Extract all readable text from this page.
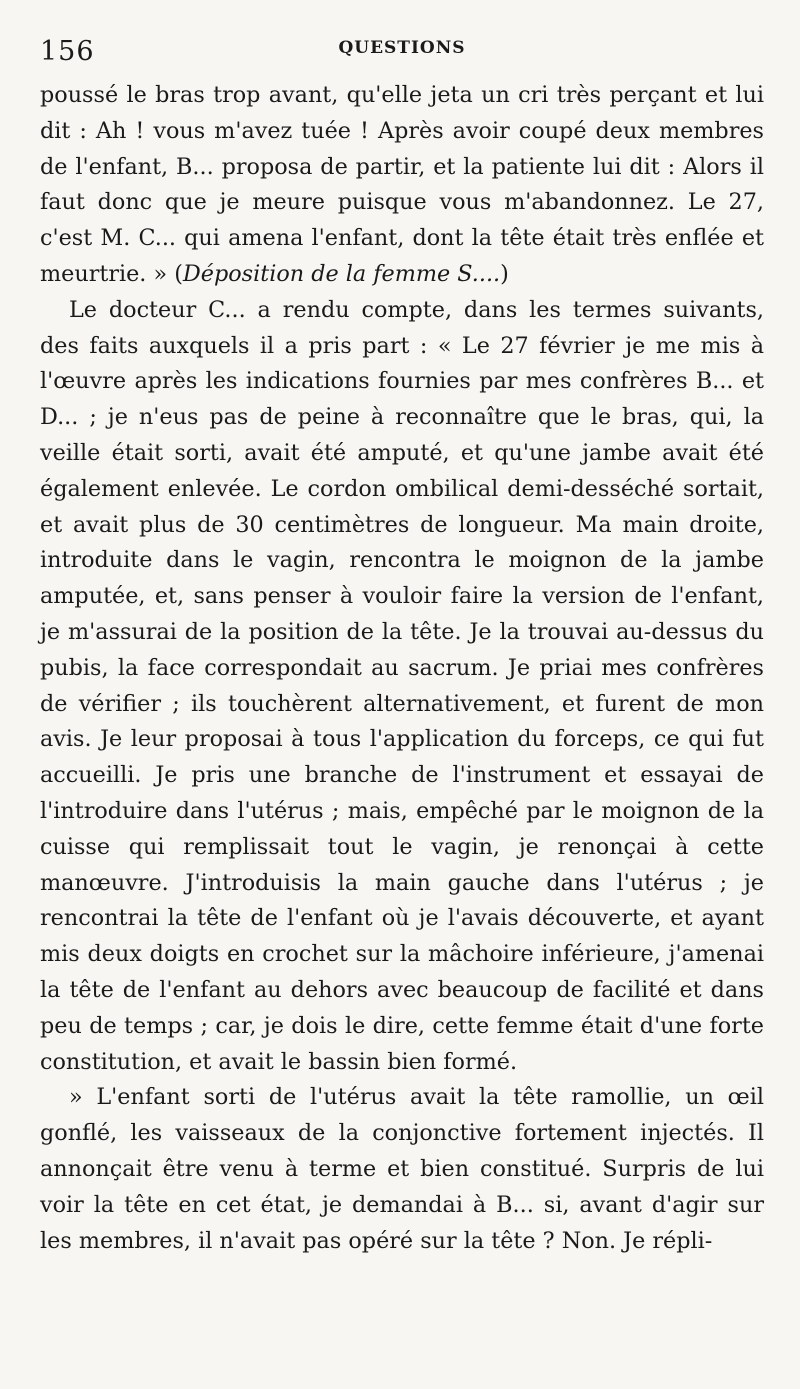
156	QUESTIONS

poussé le bras trop avant, qu'elle jeta un cri très perçant et lui dit : Ah ! vous m'avez tuée ! Après avoir coupé deux membres de l'enfant, B... proposa de partir, et la patiente lui dit : Alors il faut donc que je meure puisque vous m'abandonnez. Le 27, c'est M. C... qui amena l'enfant, dont la tête était très enflée et meurtrie. » (Déposition de la femme S....)

Le docteur C... a rendu compte, dans les termes suivants, des faits auxquels il a pris part : « Le 27 février je me mis à l'œuvre après les indications fournies par mes confrères B... et D... ; je n'eus pas de peine à reconnaître que le bras, qui, la veille était sorti, avait été amputé, et qu'une jambe avait été également enlevée. Le cordon ombilical demi-desséché sortait, et avait plus de 30 centimètres de longueur. Ma main droite, introduite dans le vagin, rencontra le moignon de la jambe amputée, et, sans penser à vouloir faire la version de l'enfant, je m'assurai de la position de la tête. Je la trouvai au-dessus du pubis, la face correspondait au sacrum. Je priai mes confrères de vérifier ; ils touchèrent alternativement, et furent de mon avis. Je leur proposai à tous l'application du forceps, ce qui fut accueilli. Je pris une branche de l'instrument et essayai de l'introduire dans l'utérus ; mais, empêché par le moignon de la cuisse qui remplissait tout le vagin, je renonçai à cette manœuvre. J'introduisis la main gauche dans l'utérus ; je rencontrai la tête de l'enfant où je l'avais découverte, et ayant mis deux doigts en crochet sur la mâchoire inférieure, j'amenai la tête de l'enfant au dehors avec beaucoup de facilité et dans peu de temps ; car, je dois le dire, cette femme était d'une forte constitution, et avait le bassin bien formé.

» L'enfant sorti de l'utérus avait la tête ramollie, un œil gonflé, les vaisseaux de la conjonctive fortement injectés. Il annonçait être venu à terme et bien constitué. Surpris de lui voir la tête en cet état, je demandai à B... si, avant d'agir sur les membres, il n'avait pas opéré sur la tête ? Non. Je répli-
